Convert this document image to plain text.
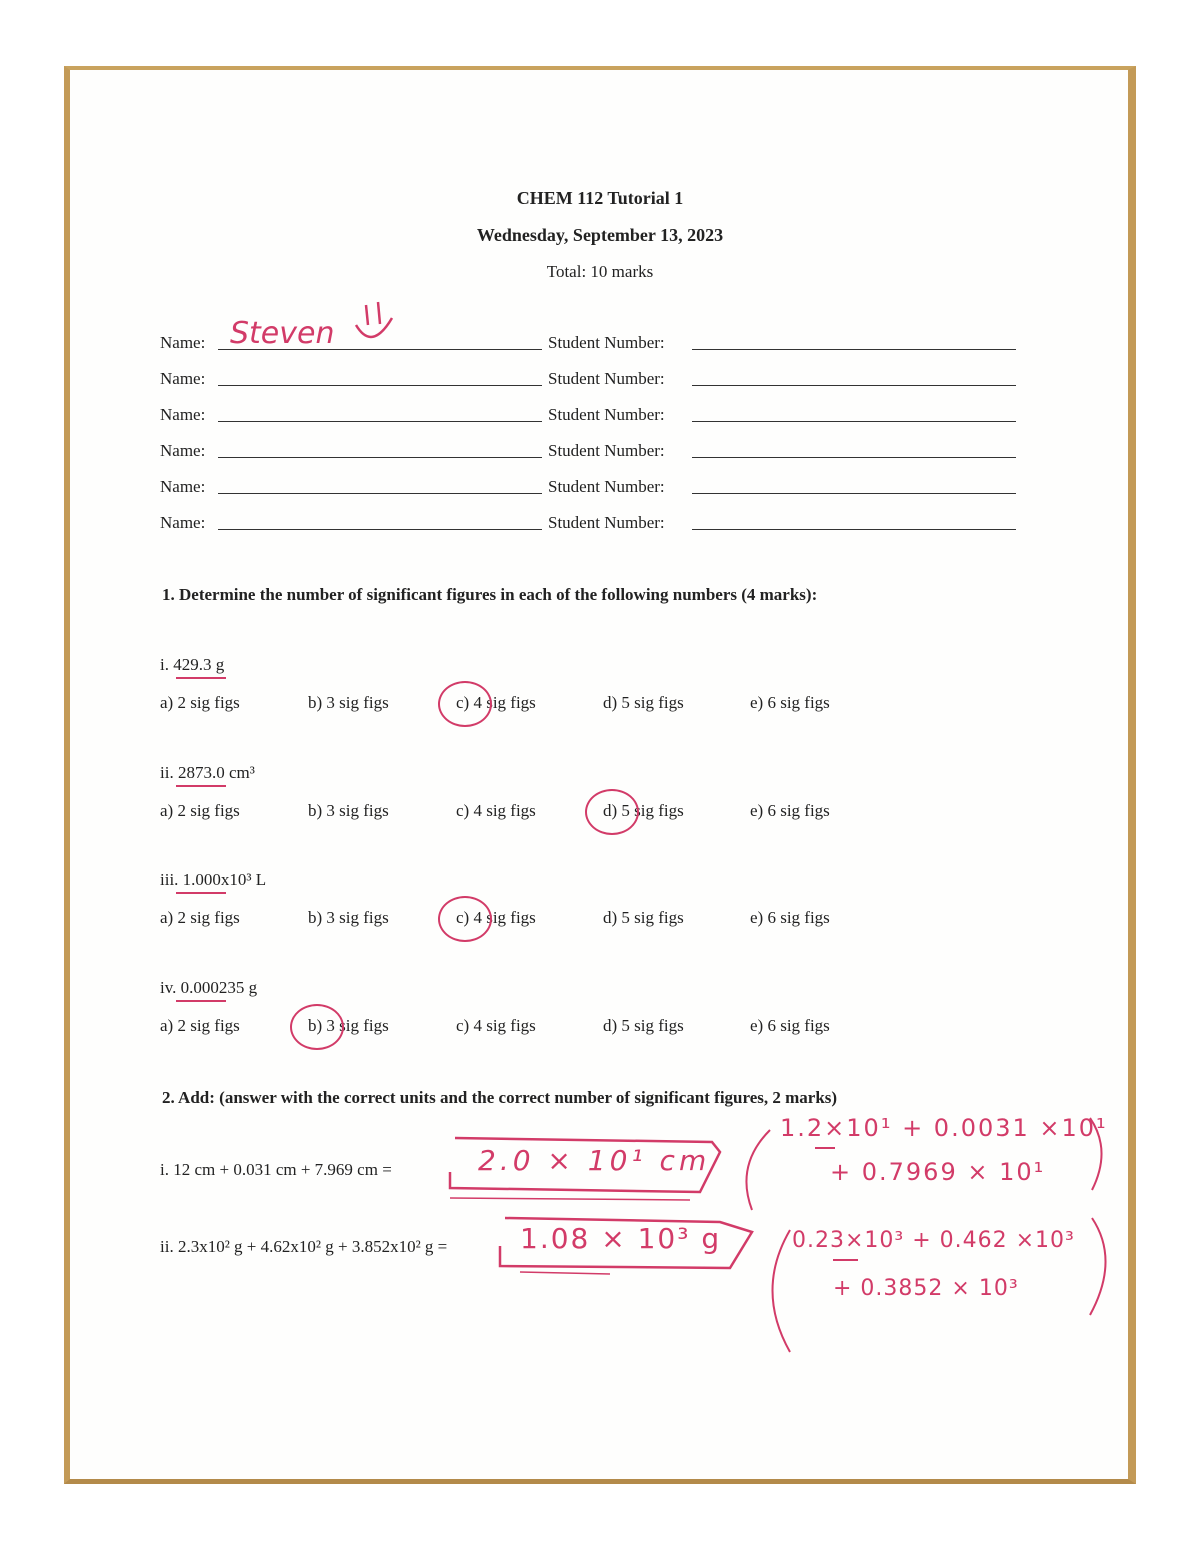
CHEM 112 Tutorial 1
Wednesday, September 13, 2023
Total: 10 marks
Name:	Student Number:
Name:	Student Number:
Name:	Student Number:
Name:	Student Number:
Name:	Student Number:
Name:	Student Number:
Steven
1. Determine the number of significant figures in each of the following numbers (4 marks):
i. 429.3 g
a) 2 sig figs	b) 3 sig figs	c) 4 sig figs	d) 5 sig figs	e) 6 sig figs
ii. 2873.0 cm³
a) 2 sig figs	b) 3 sig figs	c) 4 sig figs	d) 5 sig figs	e) 6 sig figs
iii. 1.000x10³ L
a) 2 sig figs	b) 3 sig figs	c) 4 sig figs	d) 5 sig figs	e) 6 sig figs
iv. 0.000235 g
a) 2 sig figs	b) 3 sig figs	c) 4 sig figs	d) 5 sig figs	e) 6 sig figs
2. Add: (answer with the correct units and the correct number of significant figures, 2 marks)
i. 12 cm + 0.031 cm + 7.969 cm =
ii. 2.3x10² g + 4.62x10² g + 3.852x10² g =
2.0 × 10¹ cm
1.08 × 10³ g
1.2×10¹ + 0.0031 ×10¹
+ 0.7969 × 10¹
0.23×10³ + 0.462 ×10³
+ 0.3852 × 10³
